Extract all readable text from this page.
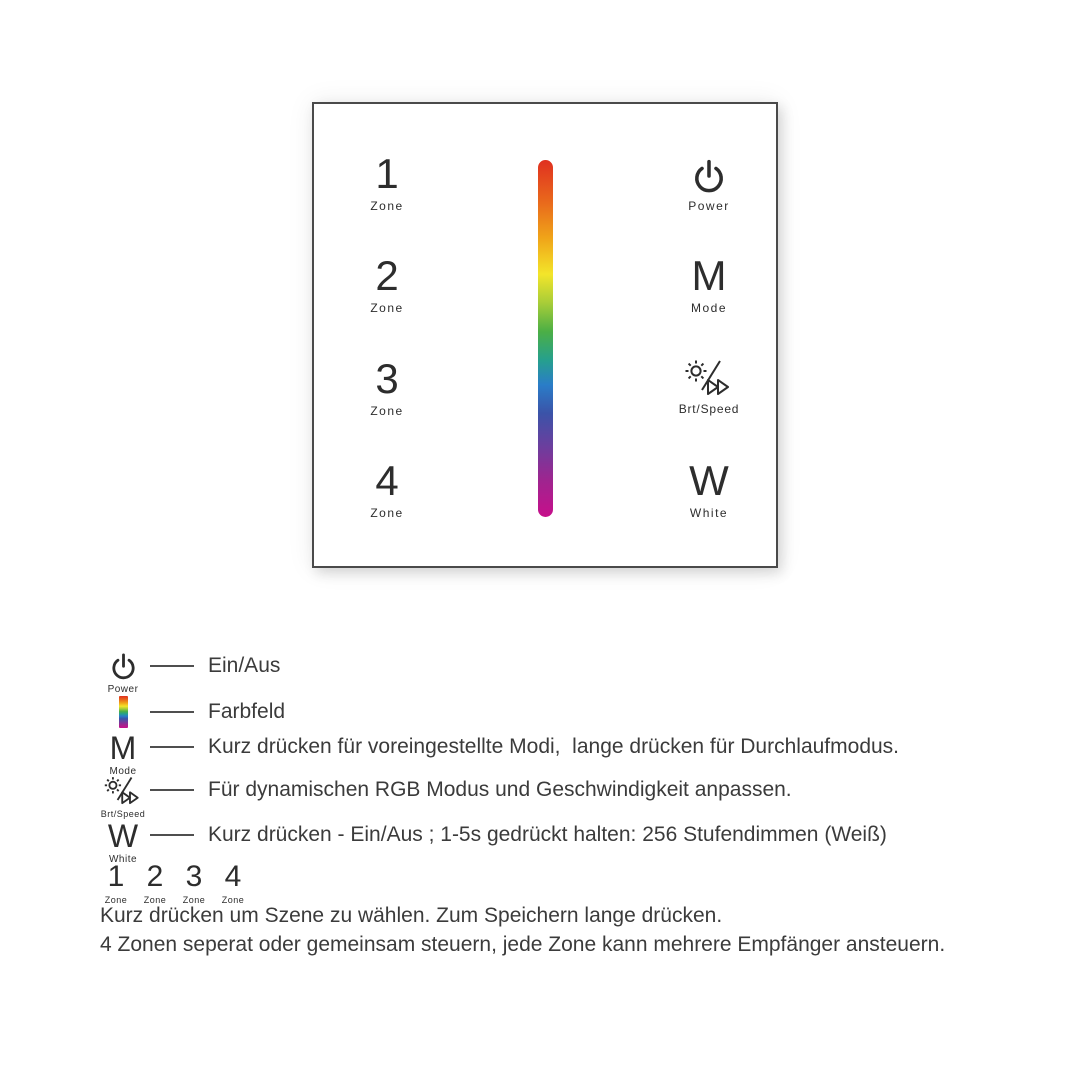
1
Zone
2
Zone
3
Zone
4
Zone
Power
M
Mode
Brt/Speed
W
White
Power
Ein/Aus
Farbfeld
M
Mode
Kurz drücken für voreingestellte Modi,  lange drücken für Durchlaufmodus.
Brt/Speed
Für dynamischen RGB Modus und Geschwindigkeit anpassen.
W
White
Kurz drücken - Ein/Aus ; 1-5s gedrückt halten: 256 Stufendimmen (Weiß)
1
Zone
2
Zone
3
Zone
4
Zone
Kurz drücken um Szene zu wählen. Zum Speichern lange drücken.
4 Zonen seperat oder gemeinsam steuern, jede Zone kann mehrere Empfänger ansteuern.
